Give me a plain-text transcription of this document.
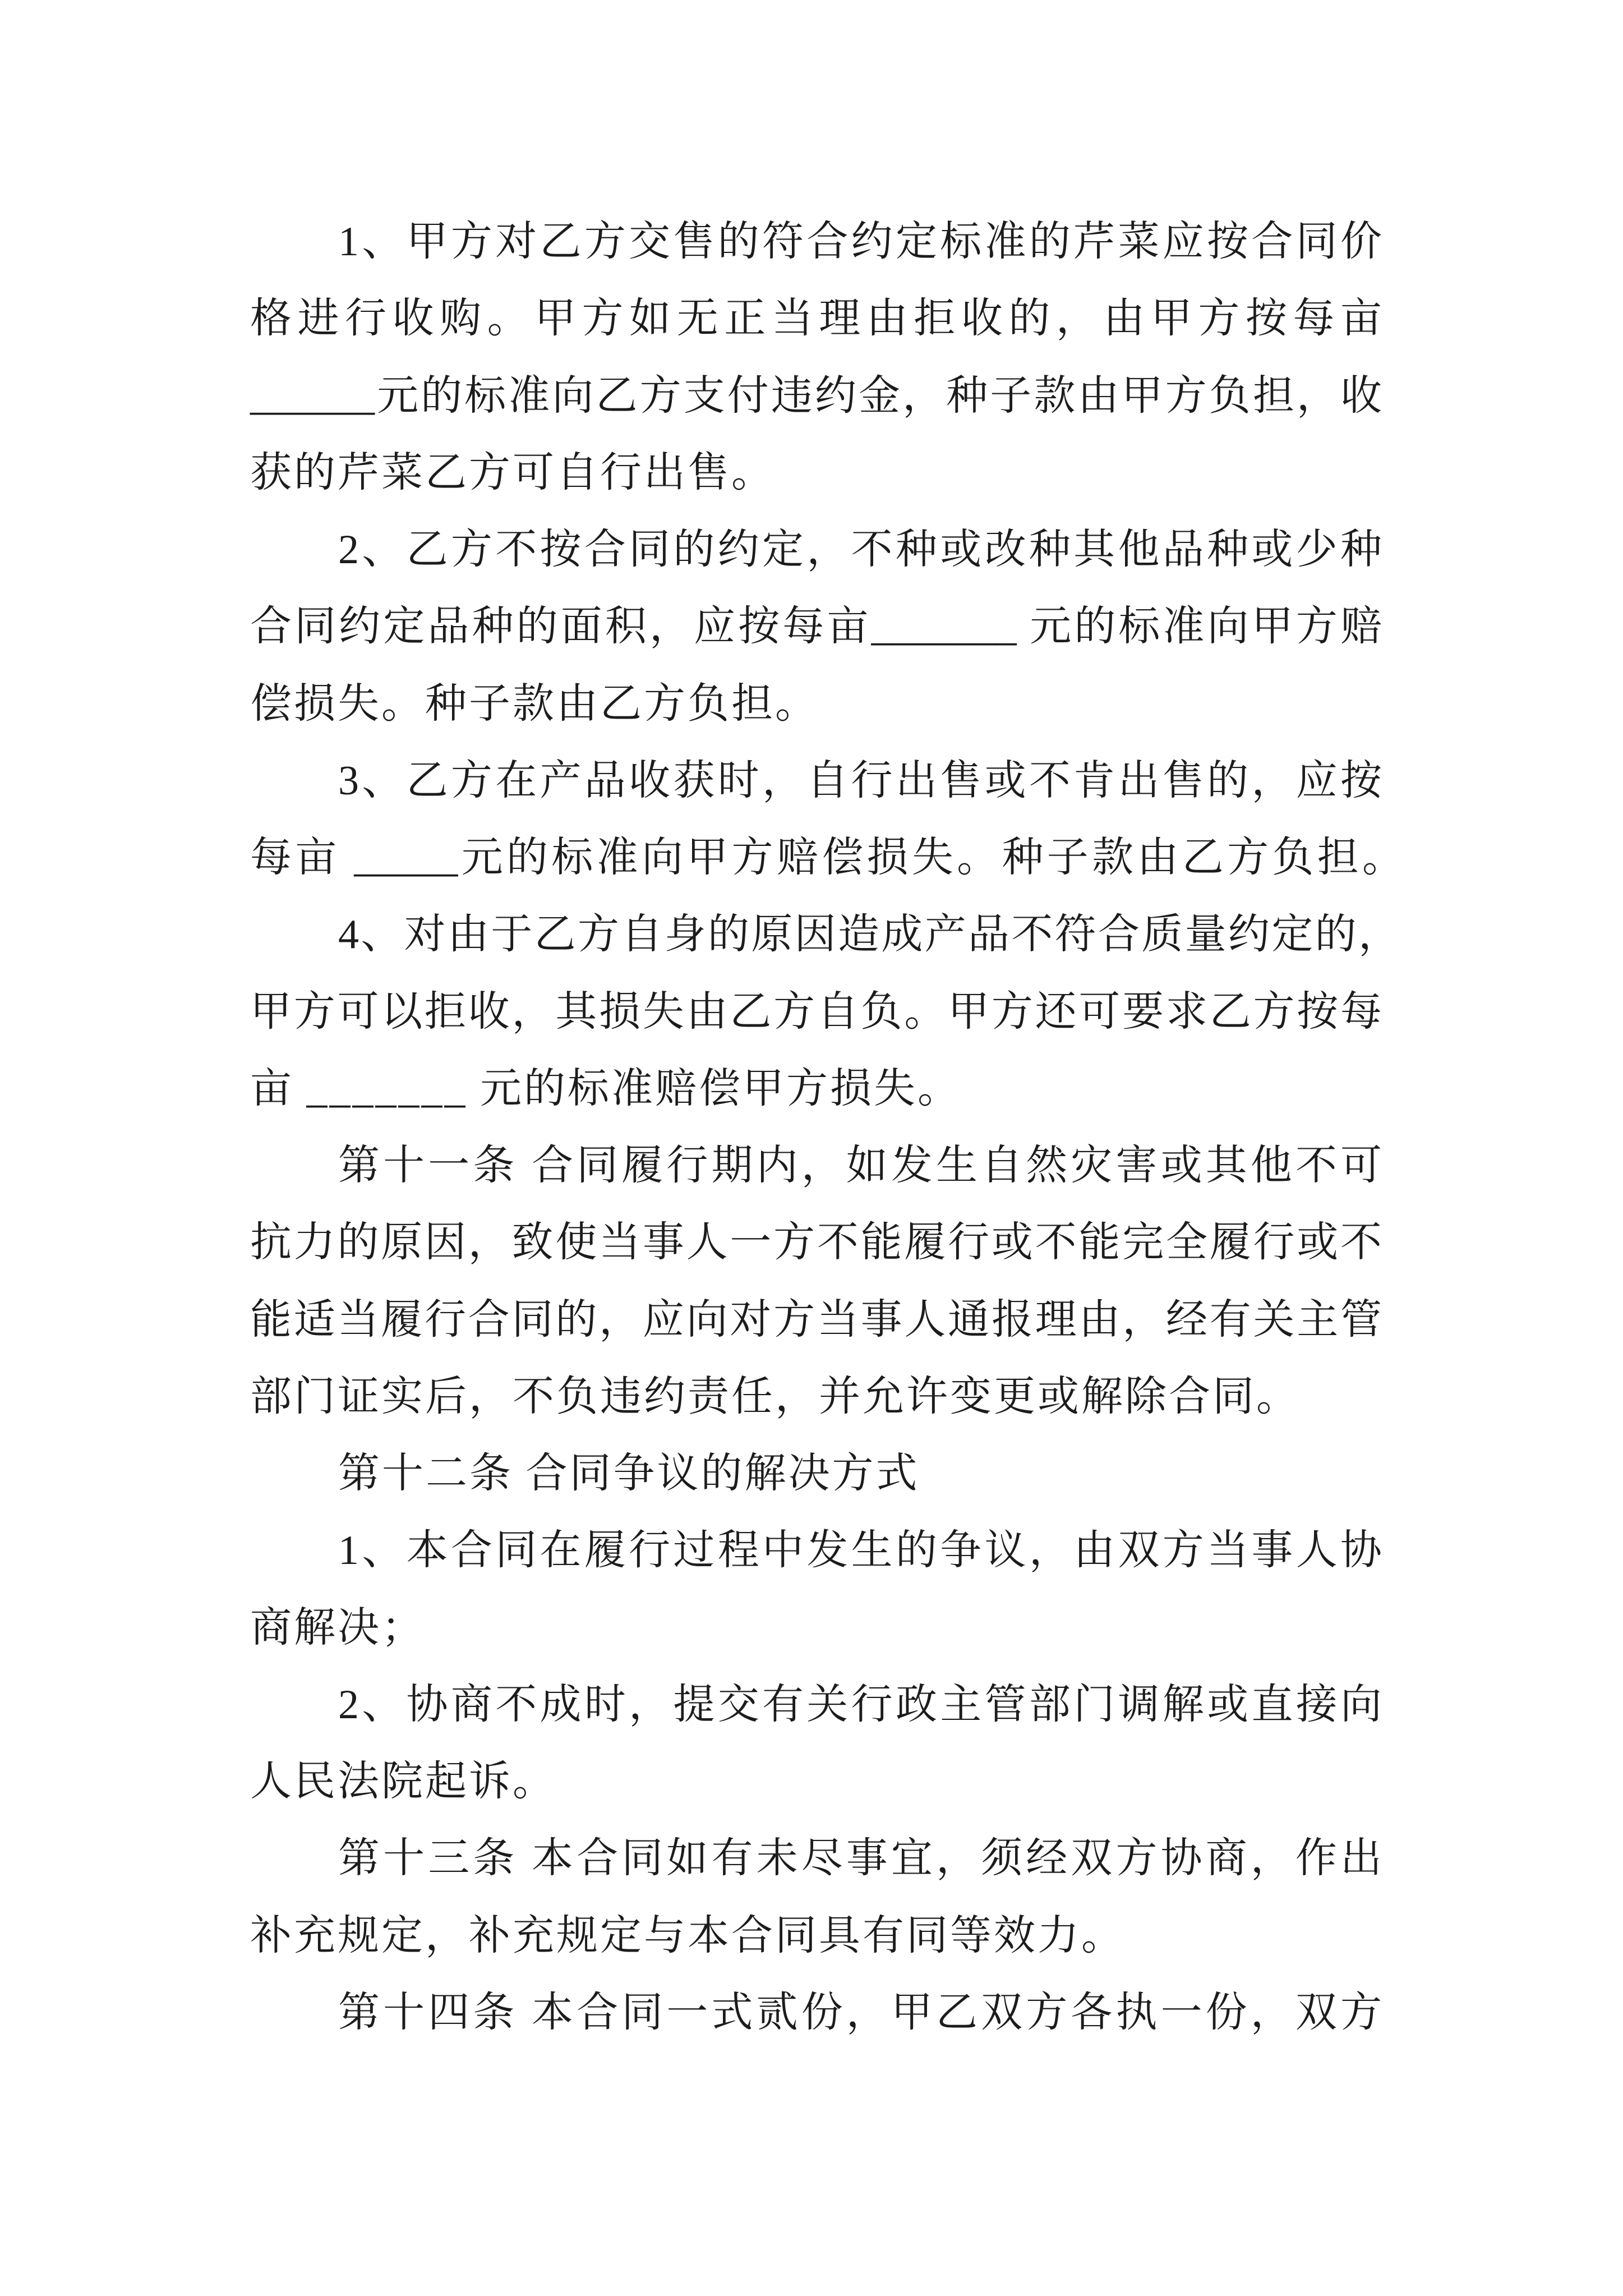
1、甲方对乙方交售的符合约定标准的芹菜应按合同价
格进行收购。甲方如无正当理由拒收的，由甲方按每亩
______元的标准向乙方支付违约金，种子款由甲方负担，收
获的芹菜乙方可自行出售。
2、乙方不按合同的约定，不种或改种其他品种或少种
合同约定品种的面积，应按每亩_______ 元的标准向甲方赔
偿损失。种子款由乙方负担。
3、乙方在产品收获时，自行出售或不肯出售的，应按
每亩 _____元的标准向甲方赔偿损失。种子款由乙方负担。
4、对由于乙方自身的原因造成产品不符合质量约定的，
甲方可以拒收，其损失由乙方自负。甲方还可要求乙方按每
亩 _______ 元的标准赔偿甲方损失。
第十一条 合同履行期内，如发生自然灾害或其他不可
抗力的原因，致使当事人一方不能履行或不能完全履行或不
能适当履行合同的，应向对方当事人通报理由，经有关主管
部门证实后，不负违约责任，并允许变更或解除合同。
第十二条 合同争议的解决方式
1、本合同在履行过程中发生的争议，由双方当事人协
商解决；
2、协商不成时，提交有关行政主管部门调解或直接向
人民法院起诉。
第十三条 本合同如有未尽事宜，须经双方协商，作出
补充规定，补充规定与本合同具有同等效力。
第十四条 本合同一式贰份，甲乙双方各执一份，双方
